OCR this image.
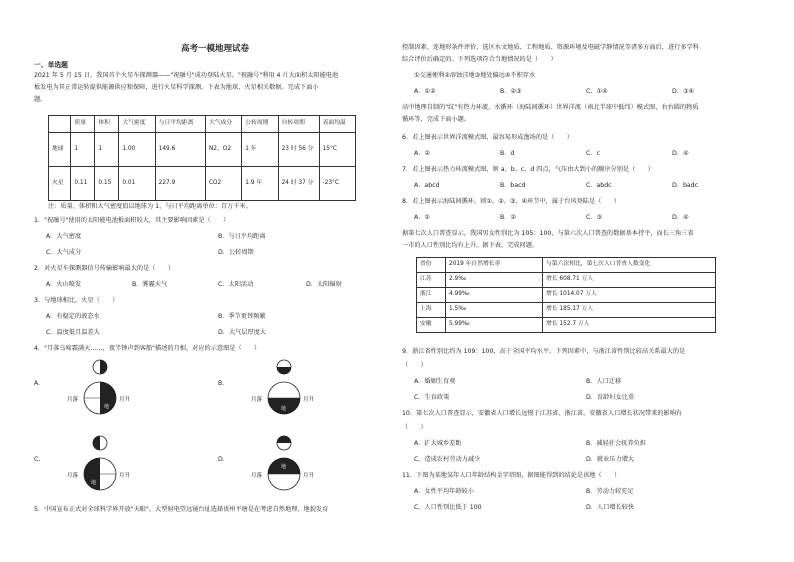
高考一模地理试卷
一、单选题
2021 年 5 月 15 日，我国首个火星车探测器——"祝融号"成功登陆火星。"祝融号"利用 4 片大面积太阳能电池
板发电为其正常运转提供能源供应和保障，进行火星科学探测。下表为地球、火星相关数据。完成下面小
题。
	质量	体积	大气密度	与日平均距离	大气成分	公转周期	自转周期	表面均温
地球	1	1	1.00	149.6	N2、O2	1 年	23 时 56 分	15°C
火星	0.11	0.15	0.01	227.9	CO2	1.9 年	24 时 37 分	-23°C
注：质量、体积和大气密度值以地球为 1，与日平均距离单位：百万千米。
1．"祝融号"使用的太阳能电池板面积较大，其主要影响因素是（　　）
A．大气密度	B．与日平均距离
C．大气成分	D．公转周期
2．对火星车探测器信号传输影响最大的是（　　）
A．火山喷发	B．雾霾天气	C．太阳活动	D．太阳辐射
3．与地球相比，火星（　　）
A．有稳定的液态水	B．季节更替频繁
C．温度低且温差大	D．大气层厚度大
4．"月落乌啼霜满天……，夜半钟声到客船"描述的月相，对应的示意图是（　　）
A．
月落	月升
地
B．
月落	月升
地
C．
月落	月升
地
D．
月落	月升
地
5．中国宣布正式对全球科学界开放"天眼"。大型射电望远镜台址选择贵州平塘是在考虑自然地理、地貌发育
控制因素、连地形条件评价、选区水文地质、工程地质、资源环境及电磁学静情况等诸多方面后，进行多学科
综合评价后确定的。下列选项符合当地情况的是（　　）
①交通便利②溶蚀洼地③地处偏远④不积存水
A．①②	B．②③	C．①④	D．③④
高中地理自制的"纹"有热力环流、水循环（海陆间循环）世界洋流（南北半球中低纬）模式图，右右圆的物质
循环等，完成下面小题。
6．若上图表示世界洋流模式图，最容易形成渔场的是（　　）
A．②	B．d	C．c	D．④
7．若上图表示热力环流模式图，则 a、b、c、d 四点，气压由大到小的顺序分别是（　　）
A．abcd	B．bacd	C．abdc	D．badc
8．若上图表示海陆间循环，则①、②、③、④环节中，属于台风登陆是（　　）
A．①	B．②	C．③	D．④
据第七次人口普查显示，我国男女性别比为 105：100，与第六次人口普查的数据基本持平，而长三角三省
一市的人口性别比均有上升。据下表，完成问题。
省份	2019 年自然增长率	与第六次相比，第七次人口普查人数变化
江苏	2.9‰	增长 608.71 万人
浙江	4.99‰	增长 1014.07 万人
上海	1.5‰	增长 185.17 万人
安徽	5.99‰	增长 152.7 万人
9．浙江省性别比约为 109：100，高于全国平均水平。下列因素中，与浙江省性别比较高关系最大的是
（　　）
A．婚姻生育观	B．人口迁移
C．生育政策	D．育龄妇女比重
10．第七次人口普查显示，安徽省人口增长远慢于江苏省、浙江省。安徽省人口增长状况带来的影响有
（　　）
A．扩大城乡差距	B．减轻社会抚养负担
C．造成农村劳动力减少	D．就业压力增大
11．下图为某地某年人口年龄结构金字塔图，据图能得到的结论是该地（　　）
A．女性平均年龄较小	B．劳动力较充足
C．人口性别比低于 100	D．人口增长较快
